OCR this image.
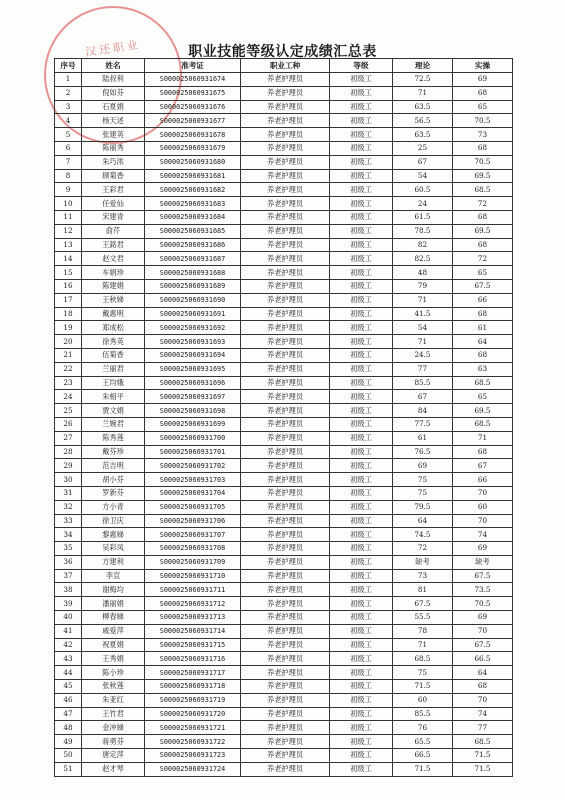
汉还职业	职业技能等级认定成绩汇总表
序号	姓名	准考证	职业工种	等级	理论	实操
1	陆叔利	S000025060931674	养老护理员	初级工	72.5	69
2	倪如芬	S000025060931675	养老护理员	初级工	71	68
3	石夏娟	S000025060931676	养老护理员	初级工	63.5	65
4	杨天述	S000025060931677	养老护理员	初级工	56.5	70.5
5	张建英	S000025060931678	养老护理员	初级工	63.5	73
6	陈丽秀	S000025060931679	养老护理员	初级工	25	68
7	朱巧浓	S000025060931680	养老护理员	初级工	67	70.5
8	顾菊香	S000025060931681	养老护理员	初级工	54	69.5
9	王彩君	S000025060931682	养老护理员	初级工	60.5	68.5
10	任爱仙	S000025060931683	养老护理员	初级工	24	72
11	宋建青	S000025060931684	养老护理员	初级工	61.5	68
12	俞芹	S000025060931685	养老护理员	初级工	78.5	69.5
13	王銘君	S000025060931686	养老护理员	初级工	82	68
14	赵文君	S000025060931687	养老护理员	初级工	82.5	72
15	车娟珍	S000025060931688	养老护理员	初级工	48	65
16	陈建娟	S000025060931689	养老护理员	初级工	79	67.5
17	王秋娣	S000025060931690	养老护理员	初级工	71	66
18	戴惠明	S000025060931691	养老护理员	初级工	41.5	68
19	郑成松	S000025060931692	养老护理员	初级工	54	61
20	徐秀英	S000025060931693	养老护理员	初级工	71	64
21	伍菊香	S000025060931694	养老护理员	初级工	24.5	68
22	兰丽君	S000025060931695	养老护理员	初级工	77	63
23	王均娥	S000025060931696	养老护理员	初级工	85.5	68.5
24	朱相平	S000025060931697	养老护理员	初级工	67	65
25	贾文娟	S000025060931698	养老护理员	初级工	84	69.5
26	兰婉君	S000025060931699	养老护理员	初级工	77.5	68.5
27	陈秀莲	S000025060931700	养老护理员	初级工	61	71
28	戴芬珍	S000025060931701	养老护理员	初级工	76.5	68
29	范吉明	S000025060931702	养老护理员	初级工	69	67
30	胡小芬	S000025060931703	养老护理员	初级工	75	66
31	罗新芬	S000025060931704	养老护理员	初级工	75	70
32	方小青	S000025060931705	养老护理员	初级工	79.5	60
33	徐卫庆	S000025060931706	养老护理员	初级工	64	70
34	黎惠娣	S000025060931707	养老护理员	初级工	74.5	74
35	吴彩凤	S000025060931708	养老护理员	初级工	72	69
36	方建利	S000025060931709	养老护理员	初级工	缺考	缺考
37	李宣	S000025060931710	养老护理员	初级工	73	67.5
38	谢梅均	S000025060931711	养老护理员	初级工	81	73.5
39	潘丽娟	S000025060931712	养老护理员	初级工	67.5	70.5
40	柳春娣	S000025060931713	养老护理员	初级工	55.5	69
41	戚爱萍	S000025060931714	养老护理员	初级工	78	70
42	祝夏娟	S000025060931715	养老护理员	初级工	71	67.5
43	王秀娟	S000025060931716	养老护理员	初级工	68.5	66.5
44	陈小珍	S000025060931717	养老护理员	初级工	75	64
45	张秋莲	S000025060931718	养老护理员	初级工	71.5	68
46	朱亚红	S000025060931719	养老护理员	初级工	60	70
47	王竹君	S000025060931720	养老护理员	初级工	85.5	74
48	金冲娣	S000025060931721	养老护理员	初级工	76	77
49	蒋勇芬	S000025060931722	养老护理员	初级工	65.5	68.5
50	唐定萍	S000025060931723	养老护理员	初级工	66.5	71.5
51	赵才琴	S000025060931724	养老护理员	初级工	71.5	71.5
